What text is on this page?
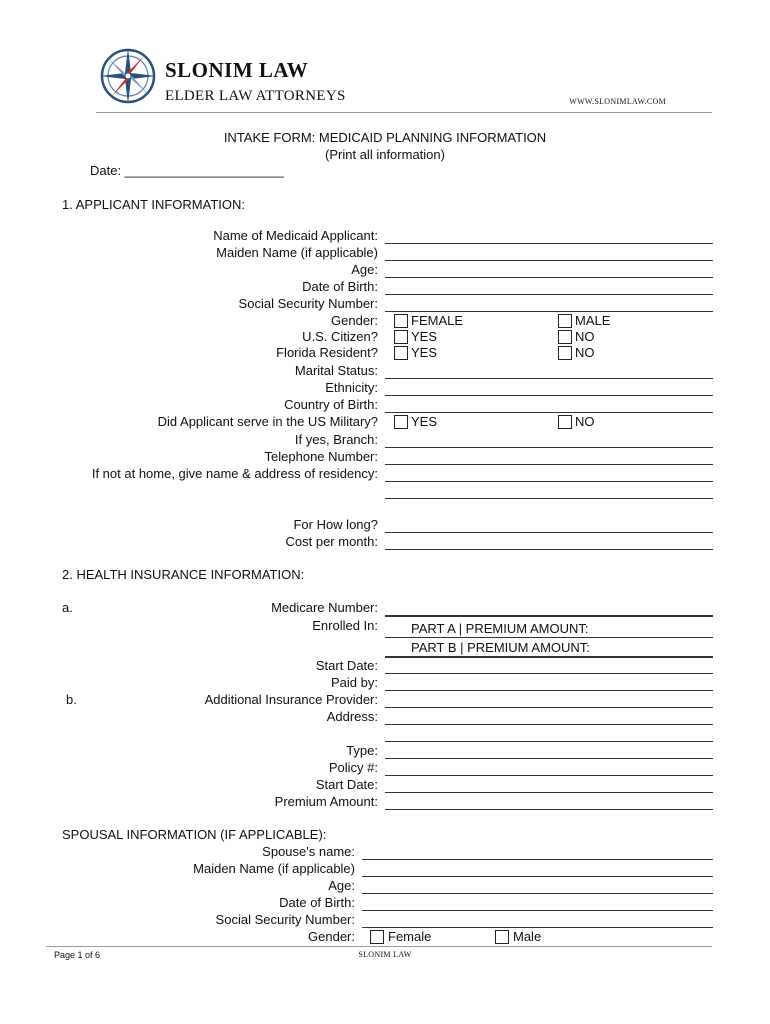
SLONIM LAW
ELDER LAW ATTORNEYS	WWW.SLONIMLAW.COM
INTAKE FORM: MEDICAID PLANNING INFORMATION
(Print all information)
Date: ______________________
1. APPLICANT INFORMATION:
Name of Medicaid Applicant:
Maiden Name (if applicable)
Age:
Date of Birth:
Social Security Number:
Gender:	FEMALE	MALE
U.S. Citizen?	YES	NO
Florida Resident?	YES	NO
Marital Status:
Ethnicity:
Country of Birth:
Did Applicant serve in the US Military?	YES	NO
If yes, Branch:
Telephone Number:
If not at home, give name & address of residency:
For How long?
Cost per month:
2. HEALTH INSURANCE INFORMATION:
a.	Medicare Number:
Enrolled In:	PART A | PREMIUM AMOUNT:
PART B | PREMIUM AMOUNT:
Start Date:
Paid by:
b.	Additional Insurance Provider:
Address:
Type:
Policy #:
Start Date:
Premium Amount:
SPOUSAL INFORMATION (IF APPLICABLE):
Spouse's name:
Maiden Name (if applicable)
Age:
Date of Birth:
Social Security Number:
Gender:	Female	Male
Page 1 of 6	SLONIM LAW
